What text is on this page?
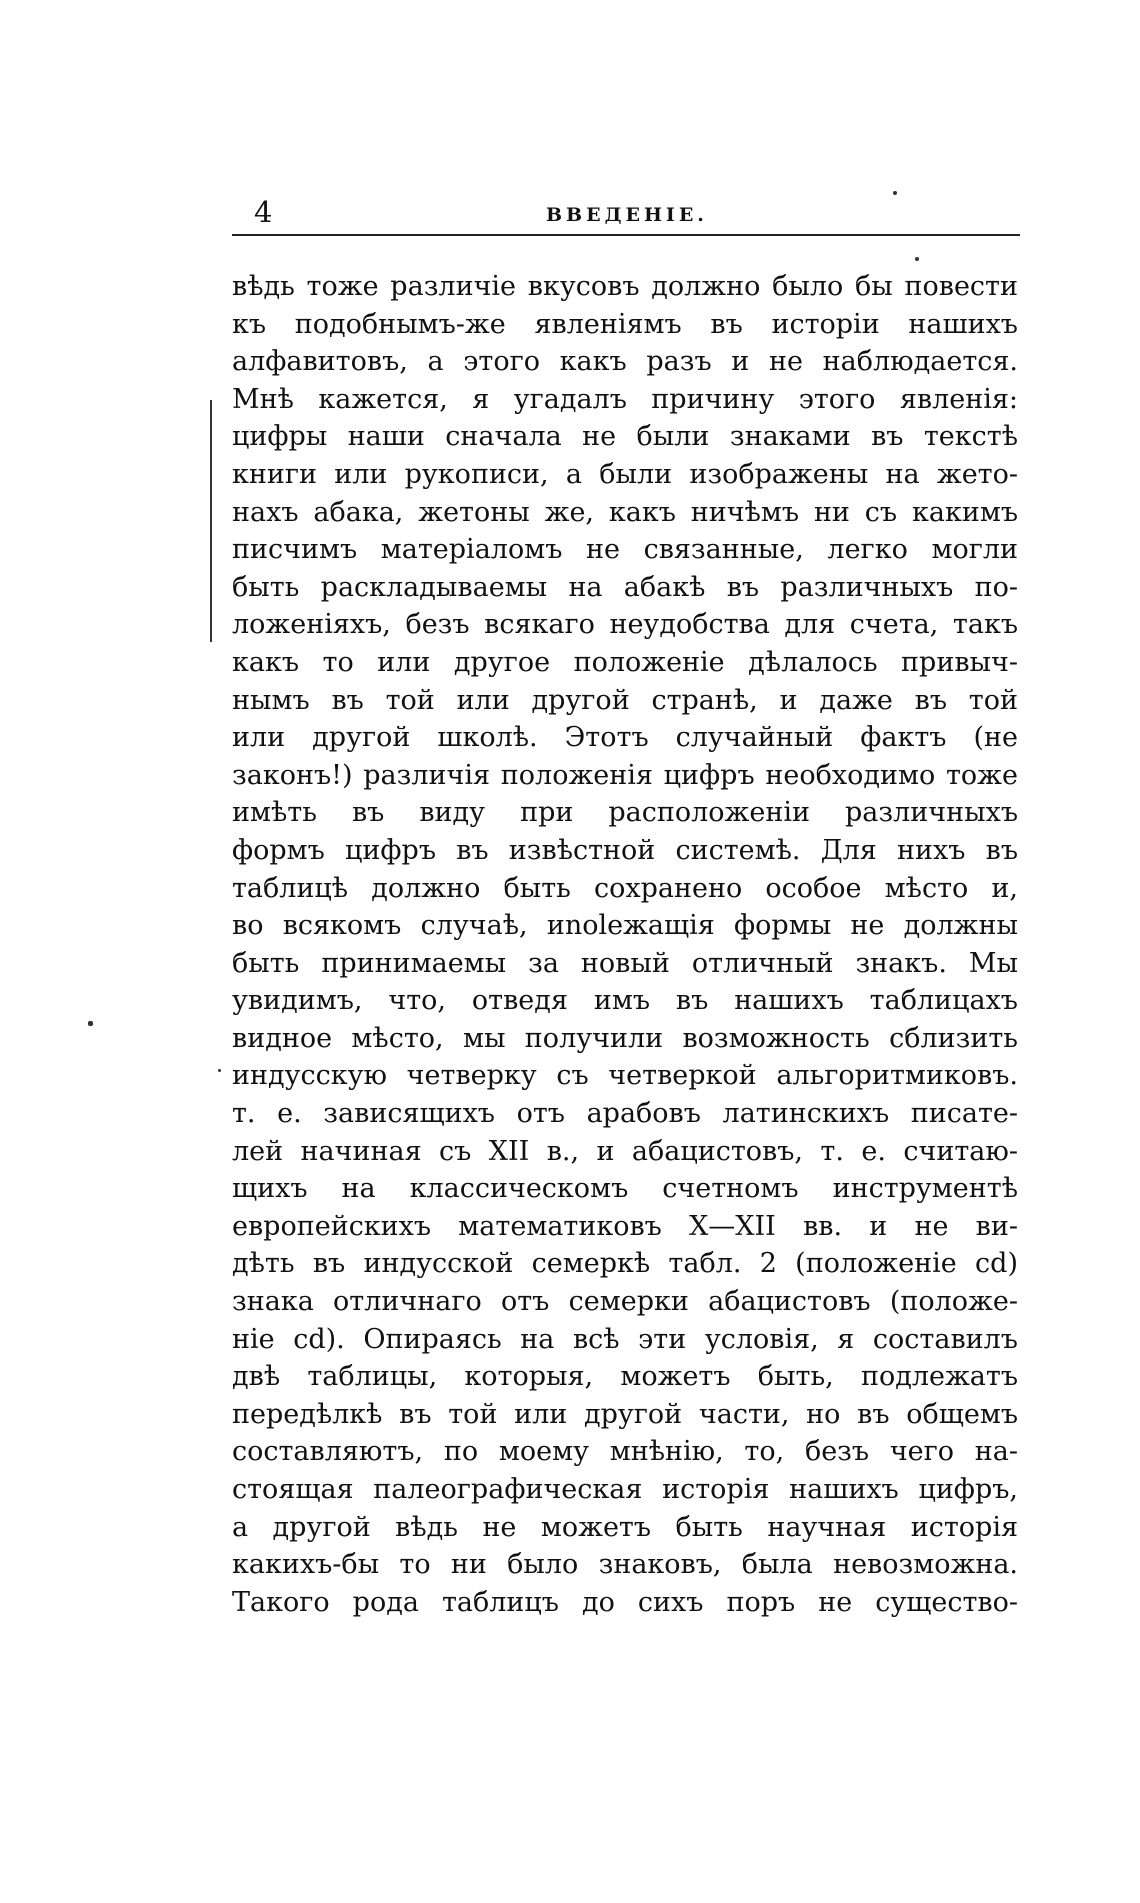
4	ВВЕДЕНІЕ.
вѣдь тоже различіе вкусовъ должно было бы повести
къ подобнымъ-же явленіямъ въ исторіи нашихъ
алфавитовъ, а этого какъ разъ и не наблюдается.
Мнѣ кажется, я угадалъ причину этого явленія:
цифры наши сначала не были знаками въ текстѣ
книги или рукописи, а были изображены на жето-
нахъ абака, жетоны же, какъ ничѣмъ ни съ какимъ
писчимъ матеріаломъ не связанные, легко могли
быть раскладываемы на абакѣ въ различныхъ по-
ложеніяхъ, безъ всякаго неудобства для счета, такъ
какъ то или другое положеніе дѣлалось привыч-
нымъ въ той или другой странѣ, и даже въ той
или другой школѣ. Этотъ случайный фактъ (не
законъ!) различія положенія цифръ необходимо тоже
имѣть въ виду при расположеніи различныхъ
формъ цифръ въ извѣстной системѣ. Для нихъ въ
таблицѣ должно быть сохранено особое мѣсто и,
во всякомъ случаѣ, иnolежащія формы не должны
быть принимаемы за новый отличный знакъ. Мы
увидимъ, что, отведя имъ въ нашихъ таблицахъ
видное мѣсто, мы получили возможность сблизить
индусскую четверку съ четверкой альгоритмиковъ.
т. е. зависящихъ отъ арабовъ латинскихъ писате-
лей начиная съ XII в., и абацистовъ, т. е. считаю-
щихъ на классическомъ счетномъ инструментѣ
европейскихъ математиковъ X—XII вв. и не ви-
дѣть въ индусской семеркѣ табл. 2 (положеніе cd)
знака отличнаго отъ семерки абацистовъ (положе-
ніе cd). Опираясь на всѣ эти условія, я составилъ
двѣ таблицы, которыя, можетъ быть, подлежатъ
передѣлкѣ въ той или другой части, но въ общемъ
составляютъ, по моему мнѣнію, то, безъ чего на-
стоящая палеографическая исторія нашихъ цифръ,
а другой вѣдь не можетъ быть научная исторія
какихъ-бы то ни было знаковъ, была невозможна.
Такого рода таблицъ до сихъ поръ не существо-
